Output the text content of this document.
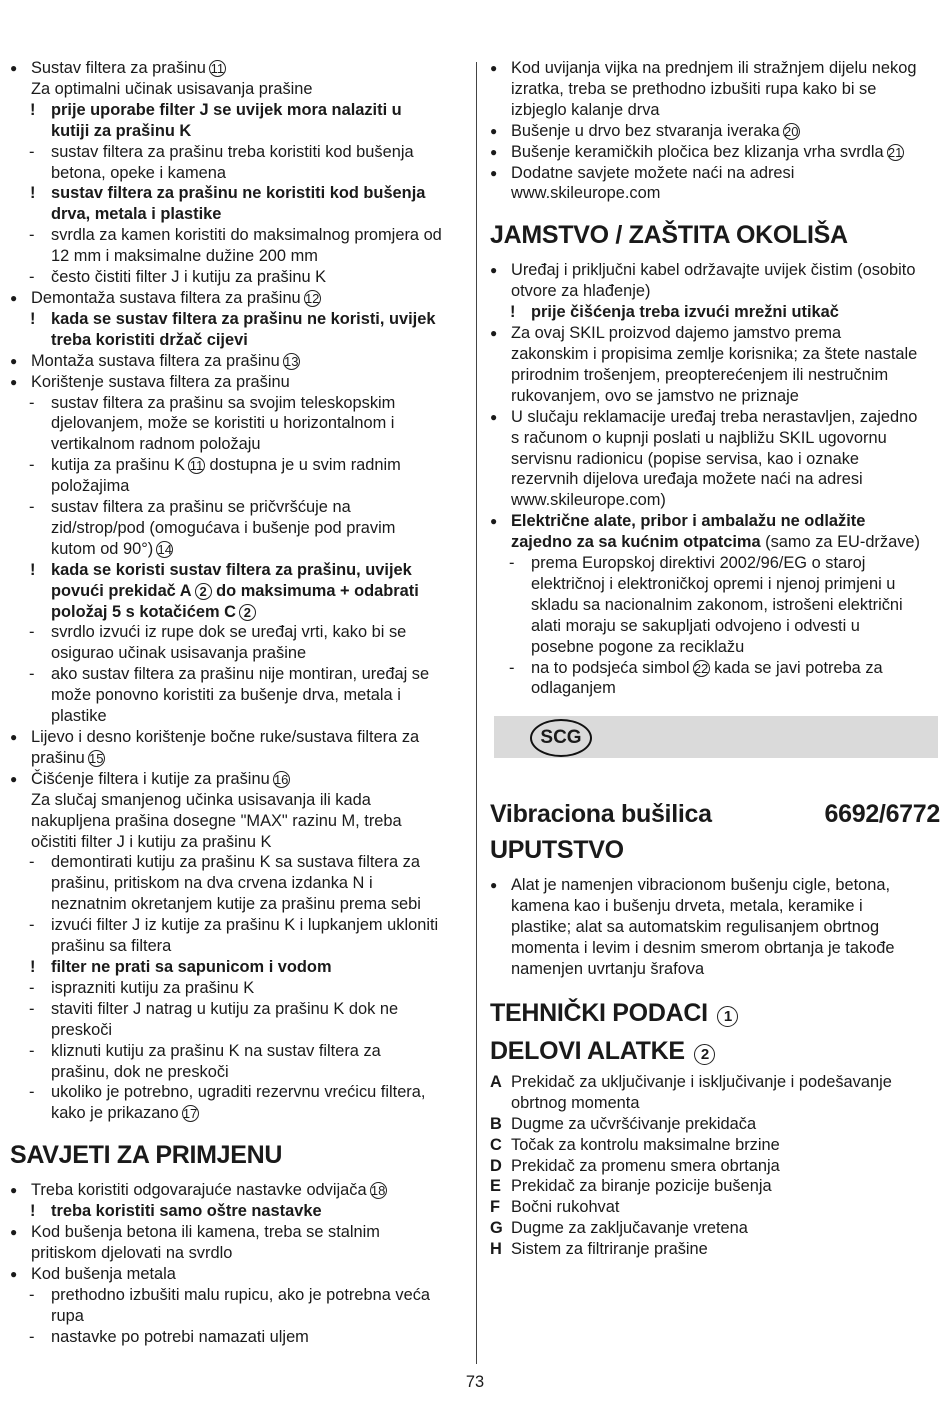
● Sustav filtera za prašinu 11
Za optimalni učinak usisavanja prašine
! prije uporabe filter J se uvijek mora nalaziti u
kutiji za prašinu K
- sustav filtera za prašinu treba koristiti kod bušenja
betona, opeke i kamena
! sustav filtera za prašinu ne koristiti kod bušenja
drva, metala i plastike
- svrdla za kamen koristiti do maksimalnog promjera od
12 mm i maksimalne dužine 200 mm
- često čistiti filter J i kutiju za prašinu K
● Demontaža sustava filtera za prašinu 12
! kada se sustav filtera za prašinu ne koristi, uvijek
treba koristiti držač cijevi
● Montaža sustava filtera za prašinu 13
● Korištenje sustava filtera za prašinu
- sustav filtera za prašinu sa svojim teleskopskim
djelovanjem, može se koristiti u horizontalnom i
vertikalnom radnom položaju
- kutija za prašinu K 11 dostupna je u svim radnim
položajima
- sustav filtera za prašinu se pričvršćuje na
zid/strop/pod (omogućava i bušenje pod pravim
kutom od 90°) 14
! kada se koristi sustav filtera za prašinu, uvijek
povući prekidač A 2 do maksimuma + odabrati
položaj 5 s kotačićem C 2
- svrdlo izvući iz rupe dok se uređaj vrti, kako bi se
osigurao učinak usisavanja prašine
- ako sustav filtera za prašinu nije montiran, uređaj se
može ponovno koristiti za bušenje drva, metala i
plastike
● Lijevo i desno korištenje bočne ruke/sustava filtera za
prašinu 15
● Čišćenje filtera i kutije za prašinu 16
Za slučaj smanjenog učinka usisavanja ili kada
nakupljena prašina dosegne "MAX" razinu M, treba
očistiti filter J i kutiju za prašinu K
- demontirati kutiju za prašinu K sa sustava filtera za
prašinu, pritiskom na dva crvena izdanka N i
neznatnim okretanjem kutije za prašinu prema sebi
- izvući filter J iz kutije za prašinu K i lupkanjem ukloniti
prašinu sa filtera
! filter ne prati sa sapunicom i vodom
- isprazniti kutiju za prašinu K
- staviti filter J natrag u kutiju za prašinu K dok ne
preskoči
- kliznuti kutiju za prašinu K na sustav filtera za
prašinu, dok ne preskoči
- ukoliko je potrebno, ugraditi rezervnu vrećicu filtera,
kako je prikazano 17
SAVJETI ZA PRIMJENU
● Treba koristiti odgovarajuće nastavke odvijača 18
! treba koristiti samo oštre nastavke
● Kod bušenja betona ili kamena, treba se stalnim
pritiskom djelovati na svrdlo
● Kod bušenja metala
- prethodno izbušiti malu rupicu, ako je potrebna veća
rupa
- nastavke po potrebi namazati uljem
● Kod uvijanja vijka na prednjem ili stražnjem dijelu nekog
izratka, treba se prethodno izbušiti rupa kako bi se
izbjeglo kalanje drva
● Bušenje u drvo bez stvaranja iveraka 20
● Bušenje keramičkih pločica bez klizanja vrha svrdla 21
● Dodatne savjete možete naći na adresi
www.skileurope.com
JAMSTVO / ZAŠTITA OKOLIŠA
● Uređaj i priključni kabel održavajte uvijek čistim (osobito
otvore za hlađenje)
! prije čišćenja treba izvući mrežni utikač
● Za ovaj SKIL proizvod dajemo jamstvo prema
zakonskim i propisima zemlje korisnika; za štete nastale
prirodnim trošenjem, preopterećenjem ili nestručnim
rukovanjem, ovo se jamstvo ne priznaje
● U slučaju reklamacije uređaj treba nerastavljen, zajedno
s računom o kupnji poslati u najbližu SKIL ugovornu
servisnu radionicu (popise servisa, kao i oznake
rezervnih dijelova uređaja možete naći na adresi
www.skileurope.com)
● Električne alate, pribor i ambalažu ne odlažite
zajedno za sa kućnim otpatcima (samo za EU-države)
- prema Europskoj direktivi 2002/96/EG o staroj
električnoj i elektroničkoj opremi i njenoj primjeni u
skladu sa nacionalnim zakonom, istrošeni električni
alati moraju se sakupljati odvojeno i odvesti u
posebne pogone za reciklažu
- na to podsjeća simbol 22 kada se javi potreba za
odlaganjem
Vibraciona bušilica	6692/6772
UPUTSTVO
● Alat je namenjen vibracionom bušenju cigle, betona,
kamena kao i bušenju drveta, metala, keramike i
plastike; alat sa automatskim regulisanjem obrtnog
momenta i levim i desnim smerom obrtanja je takođe
namenjen uvrtanju šrafova
TEHNIČKI PODACI 1
DELOVI ALATKE 2
A Prekidač za uključivanje i isključivanje i podešavanje
obrtnog momenta
B Dugme za učvršćivanje prekidača
C Točak za kontrolu maksimalne brzine
D Prekidač za promenu smera obrtanja
E Prekidač za biranje pozicije bušenja
F Bočni rukohvat
G Dugme za zaključavanje vretena
H Sistem za filtriranje prašine
SCG
73
